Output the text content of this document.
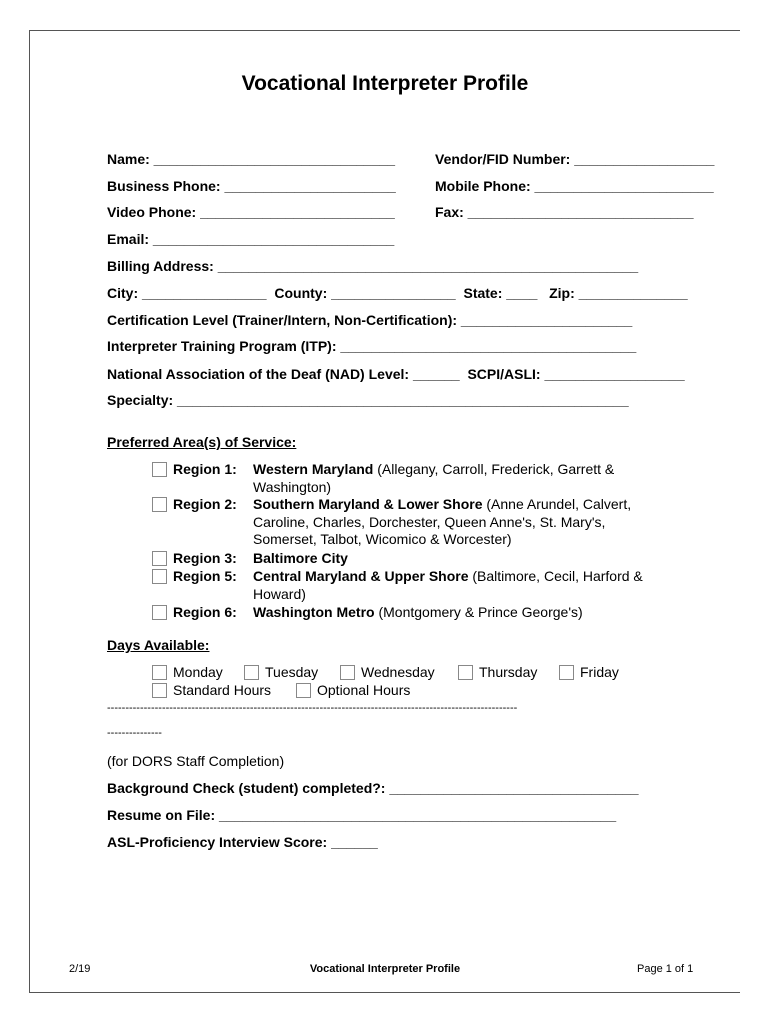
Vocational Interpreter Profile
Name: _______________________________	Vendor/FID Number: __________________
Business Phone: ______________________	Mobile Phone: _______________________
Video Phone: _________________________	Fax: _____________________________
Email: _______________________________
Billing Address: ______________________________________________________
City: ________________  County: ________________  State: ____   Zip: ______________
Certification Level (Trainer/Intern, Non-Certification): ______________________
Interpreter Training Program (ITP): ______________________________________
National Association of the Deaf (NAD) Level: ______  SCPI/ASLI: __________________
Specialty: __________________________________________________________
Preferred Area(s) of Service:
Region 1: Western Maryland (Allegany, Carroll, Frederick, Garrett & Washington)
Region 2: Southern Maryland & Lower Shore (Anne Arundel, Calvert, Caroline, Charles, Dorchester, Queen Anne's, St. Mary's, Somerset, Talbot, Wicomico & Worcester)
Region 3: Baltimore City
Region 5: Central Maryland & Upper Shore (Baltimore, Cecil, Harford & Howard)
Region 6: Washington Metro (Montgomery & Prince George's)
Days Available:
Monday	Tuesday	Wednesday	Thursday	Friday
Standard Hours	Optional Hours
----------------------------------------------------------------------------------------------------------------
---------------
(for DORS Staff Completion)
Background Check (student) completed?: ________________________________
Resume on File: ___________________________________________________
ASL-Proficiency Interview Score: ______
2/19	Vocational Interpreter Profile	Page 1 of 1
